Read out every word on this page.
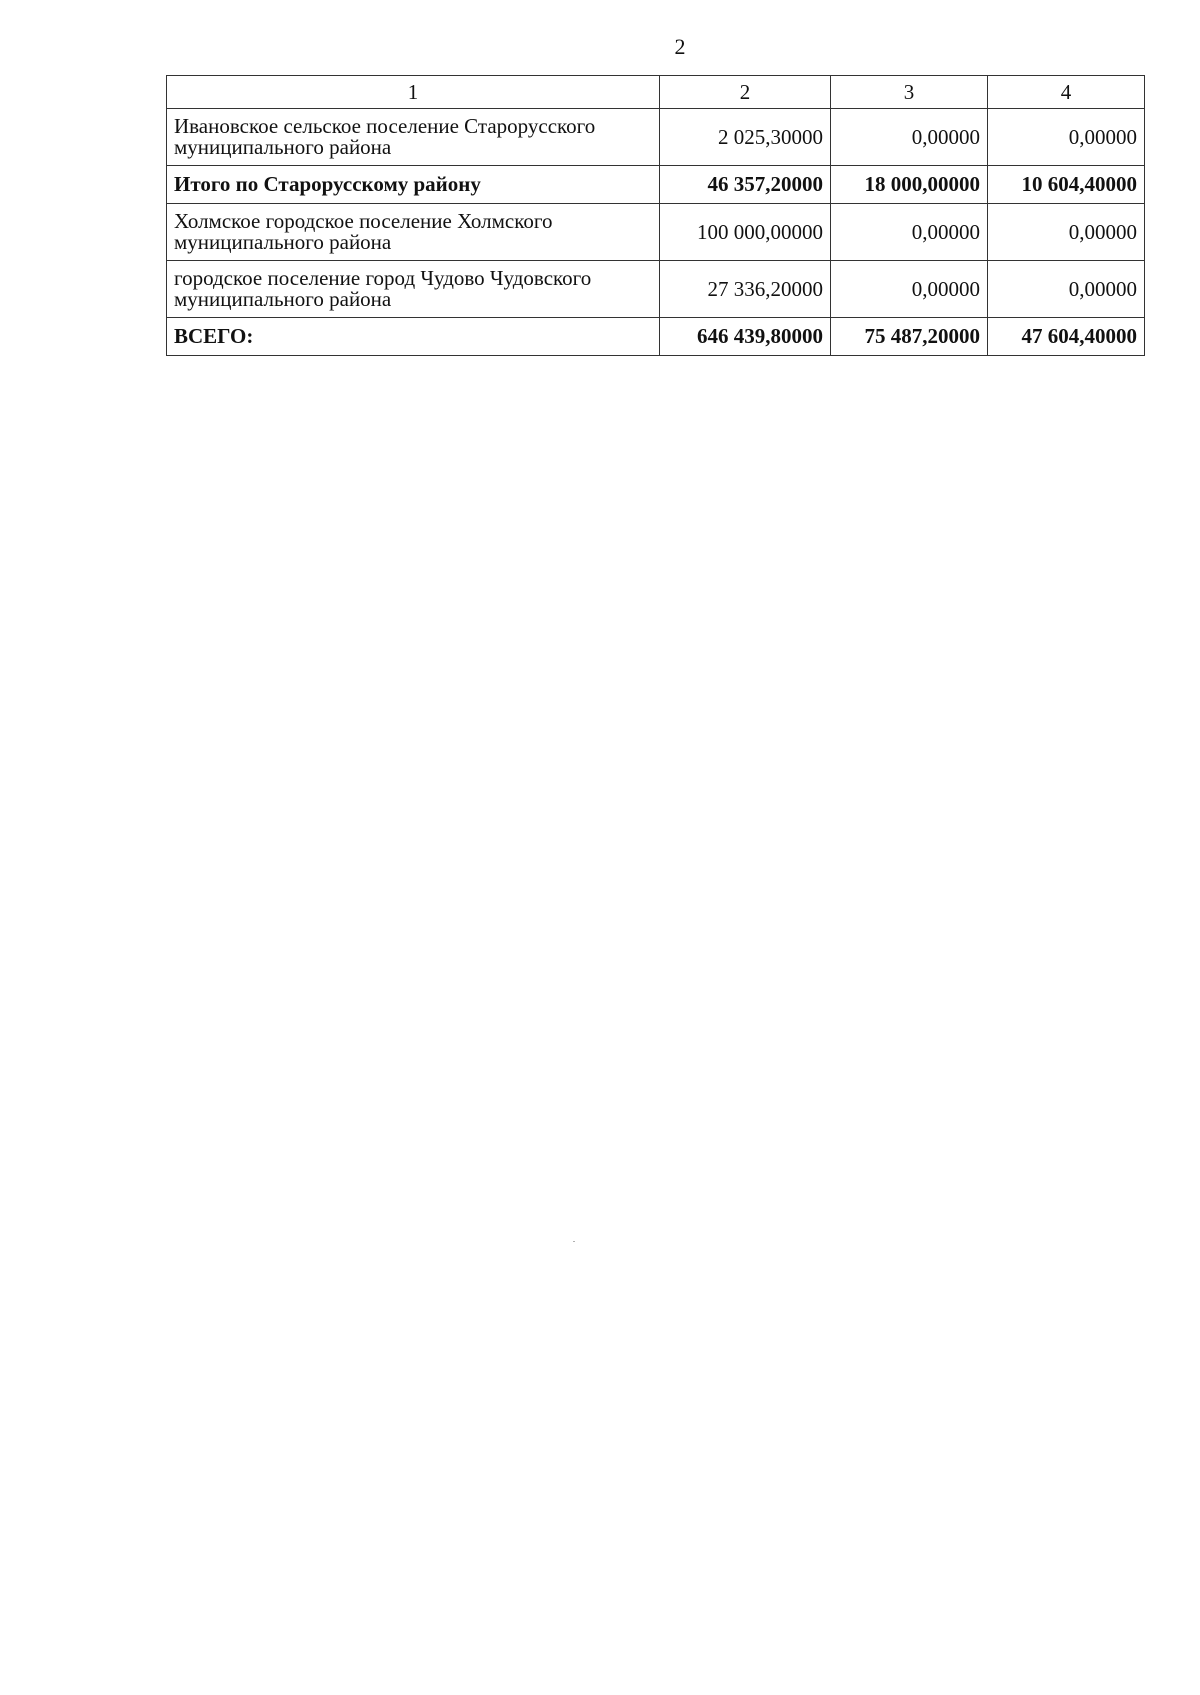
2
1	2	3	4
Ивановское сельское поселение Старорусского муниципального района	2 025,30000	0,00000	0,00000
Итого по Старорусскому району	46 357,20000	18 000,00000	10 604,40000
Холмское городское поселение Холмского муниципального района	100 000,00000	0,00000	0,00000
городское поселение город Чудово Чудовского муниципального района	27 336,20000	0,00000	0,00000
ВСЕГО:	646 439,80000	75 487,20000	47 604,40000
